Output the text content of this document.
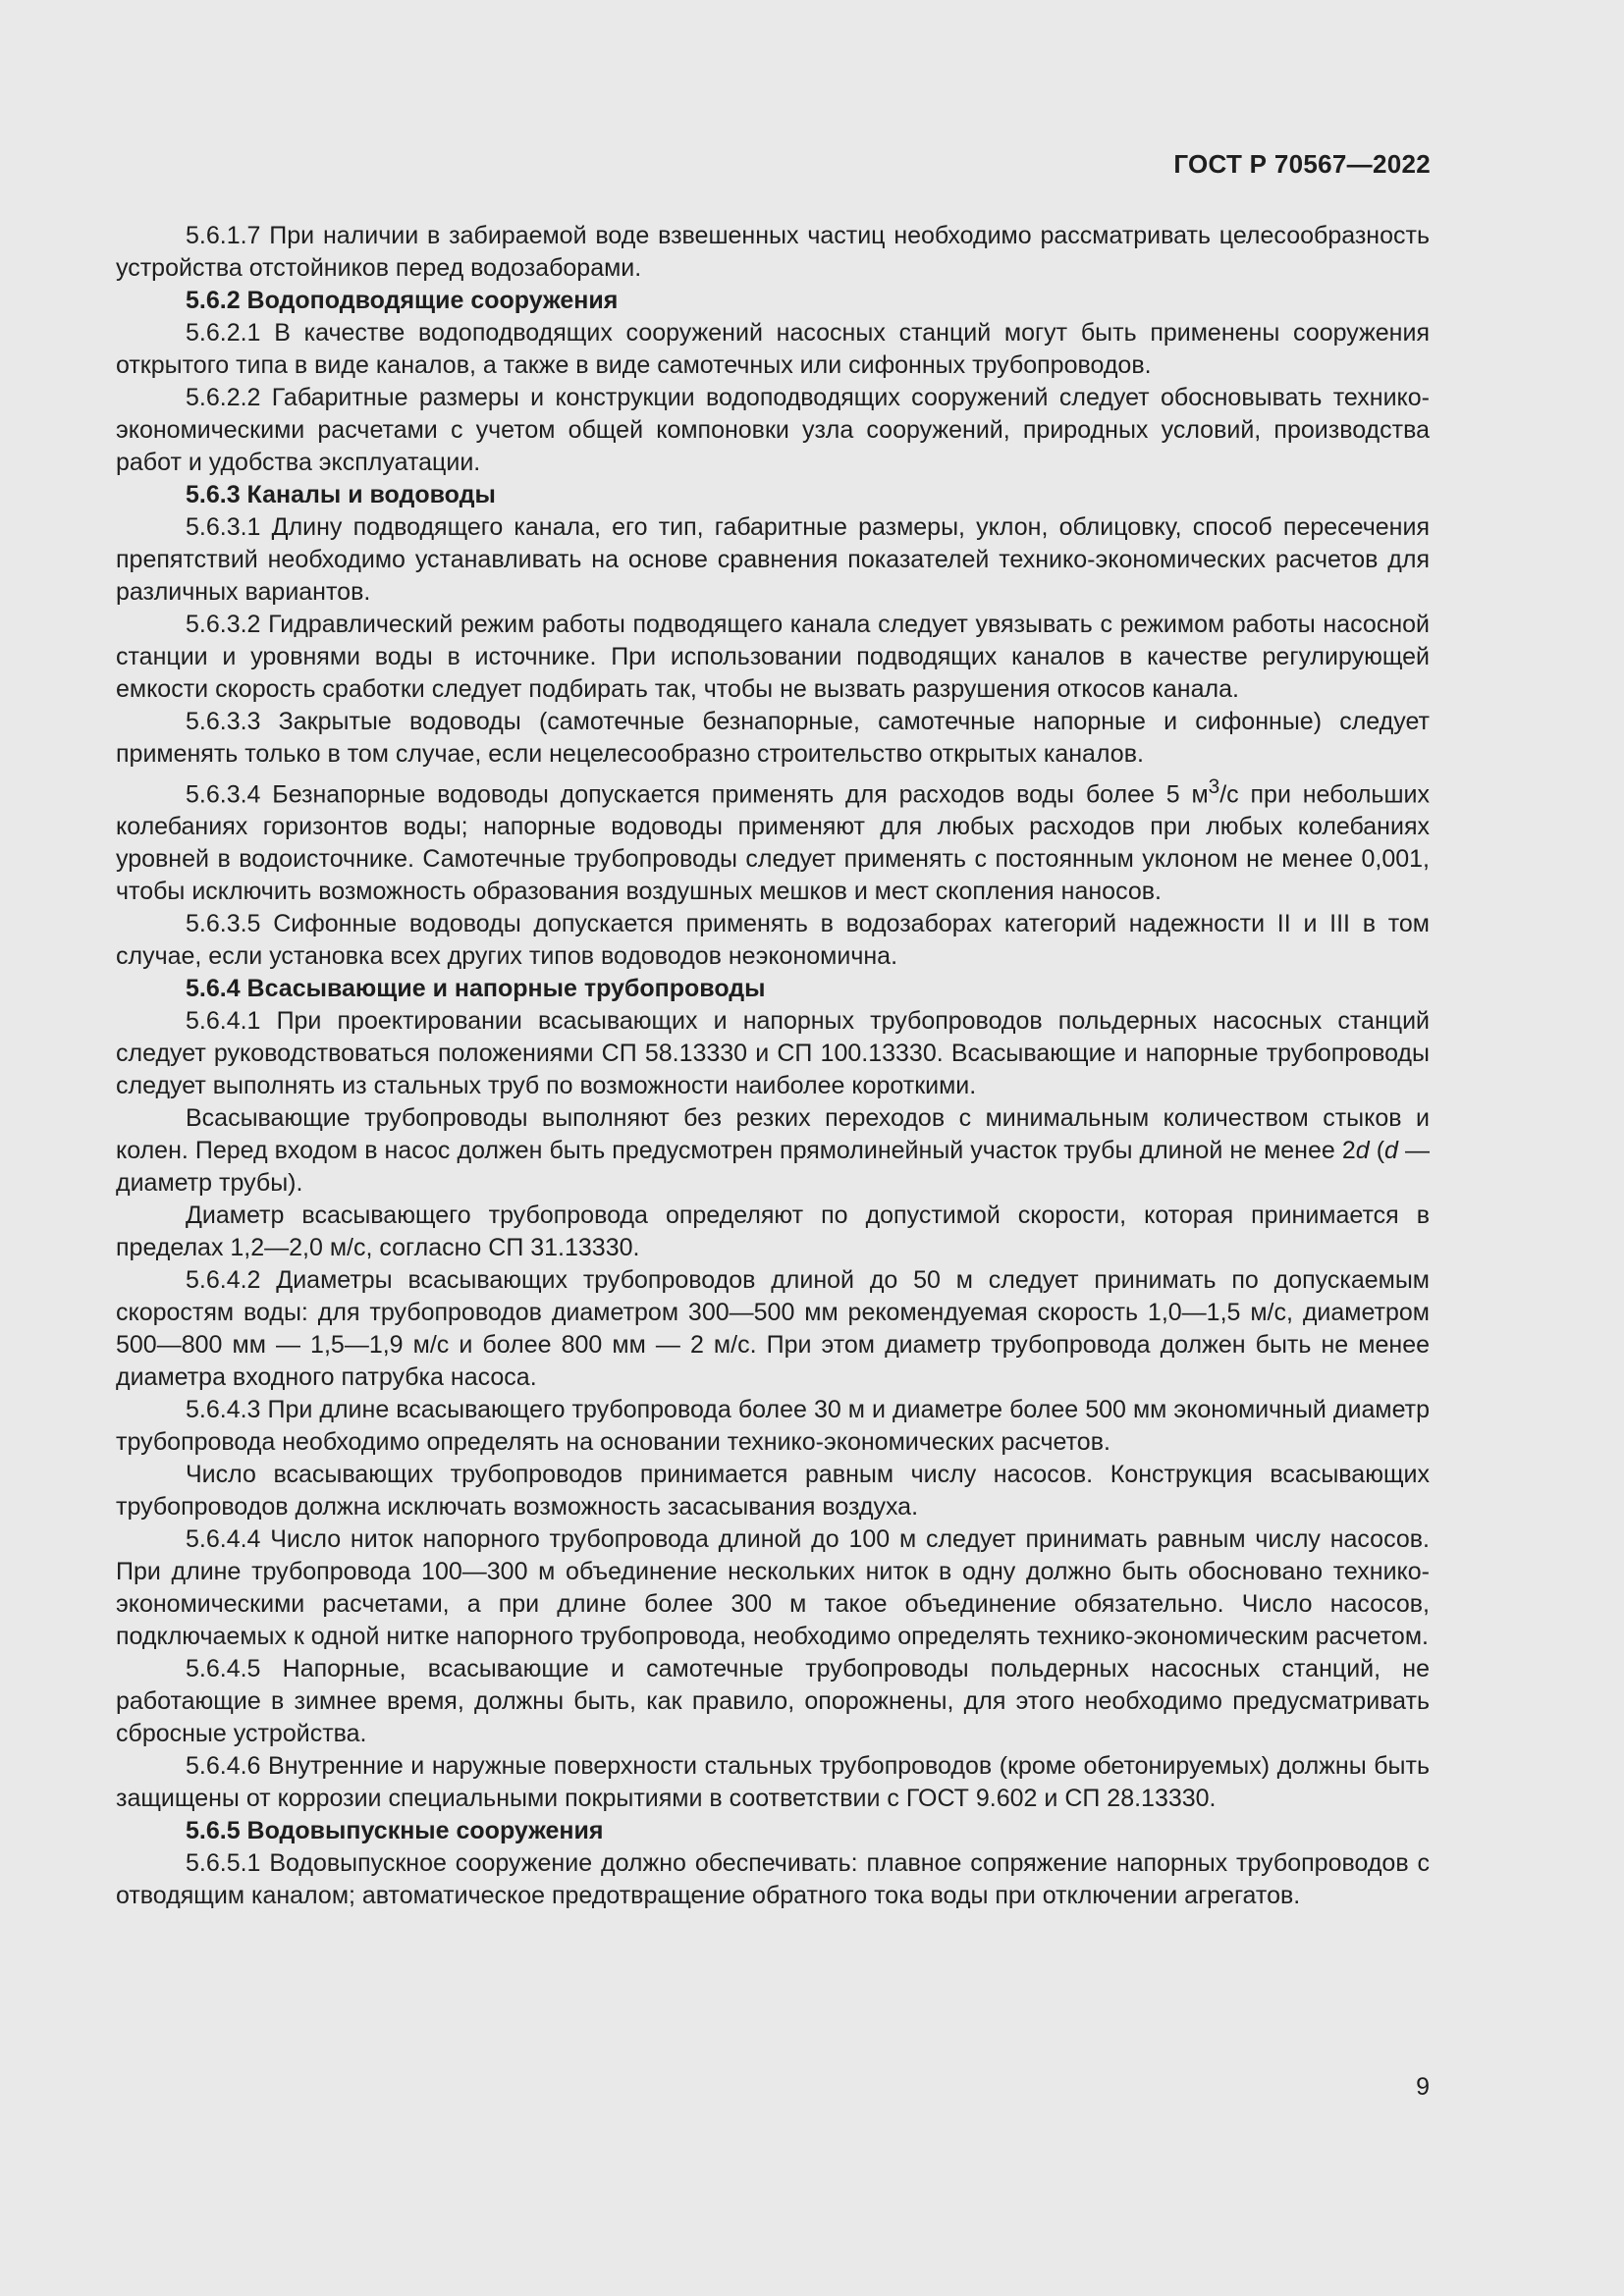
ГОСТ Р 70567—2022

5.6.1.7 При наличии в забираемой воде взвешенных частиц необходимо рассматривать целесообразность устройства отстойников перед водозаборами.

5.6.2 Водоподводящие сооружения

5.6.2.1 В качестве водоподводящих сооружений насосных станций могут быть применены сооружения открытого типа в виде каналов, а также в виде самотечных или сифонных трубопроводов.

5.6.2.2 Габаритные размеры и конструкции водоподводящих сооружений следует обосновывать технико-экономическими расчетами с учетом общей компоновки узла сооружений, природных условий, производства работ и удобства эксплуатации.

5.6.3 Каналы и водоводы

5.6.3.1 Длину подводящего канала, его тип, габаритные размеры, уклон, облицовку, способ пересечения препятствий необходимо устанавливать на основе сравнения показателей технико-экономических расчетов для различных вариантов.

5.6.3.2 Гидравлический режим работы подводящего канала следует увязывать с режимом работы насосной станции и уровнями воды в источнике. При использовании подводящих каналов в качестве регулирующей емкости скорость сработки следует подбирать так, чтобы не вызвать разрушения откосов канала.

5.6.3.3 Закрытые водоводы (самотечные безнапорные, самотечные напорные и сифонные) следует применять только в том случае, если нецелесообразно строительство открытых каналов.

5.6.3.4 Безнапорные водоводы допускается применять для расходов воды более 5 $м^3/с$ при небольших колебаниях горизонтов воды; напорные водоводы применяют для любых расходов при любых колебаниях уровней в водоисточнике. Самотечные трубопроводы следует применять с постоянным уклоном не менее 0,001, чтобы исключить возможность образования воздушных мешков и мест скопления наносов.

5.6.3.5 Сифонные водоводы допускается применять в водозаборах категорий надежности II и III в том случае, если установка всех других типов водоводов неэкономична.

5.6.4 Всасывающие и напорные трубопроводы

5.6.4.1 При проектировании всасывающих и напорных трубопроводов польдерных насосных станций следует руководствоваться положениями СП 58.13330 и СП 100.13330. Всасывающие и напорные трубопроводы следует выполнять из стальных труб по возможности наиболее короткими.

Всасывающие трубопроводы выполняют без резких переходов с минимальным количеством стыков и колен. Перед входом в насос должен быть предусмотрен прямолинейный участок трубы длиной не менее 2d (d — диаметр трубы).

Диаметр всасывающего трубопровода определяют по допустимой скорости, которая принимается в пределах 1,2—2,0 м/с, согласно СП 31.13330.

5.6.4.2 Диаметры всасывающих трубопроводов длиной до 50 м следует принимать по допускаемым скоростям воды: для трубопроводов диаметром 300—500 мм рекомендуемая скорость 1,0—1,5 м/с, диаметром 500—800 мм — 1,5—1,9 м/с и более 800 мм — 2 м/с. При этом диаметр трубопровода должен быть не менее диаметра входного патрубка насоса.

5.6.4.3 При длине всасывающего трубопровода более 30 м и диаметре более 500 мм экономичный диаметр трубопровода необходимо определять на основании технико-экономических расчетов.

Число всасывающих трубопроводов принимается равным числу насосов. Конструкция всасывающих трубопроводов должна исключать возможность засасывания воздуха.

5.6.4.4 Число ниток напорного трубопровода длиной до 100 м следует принимать равным числу насосов. При длине трубопровода 100—300 м объединение нескольких ниток в одну должно быть обосновано технико-экономическими расчетами, а при длине более 300 м такое объединение обязательно. Число насосов, подключаемых к одной нитке напорного трубопровода, необходимо определять технико-экономическим расчетом.

5.6.4.5 Напорные, всасывающие и самотечные трубопроводы польдерных насосных станций, не работающие в зимнее время, должны быть, как правило, опорожнены, для этого необходимо предусматривать сбросные устройства.

5.6.4.6 Внутренние и наружные поверхности стальных трубопроводов (кроме обетонируемых) должны быть защищены от коррозии специальными покрытиями в соответствии с ГОСТ 9.602 и СП 28.13330.

5.6.5 Водовыпускные сооружения

5.6.5.1 Водовыпускное сооружение должно обеспечивать: плавное сопряжение напорных трубопроводов с отводящим каналом; автоматическое предотвращение обратного тока воды при отключении агрегатов.

9
